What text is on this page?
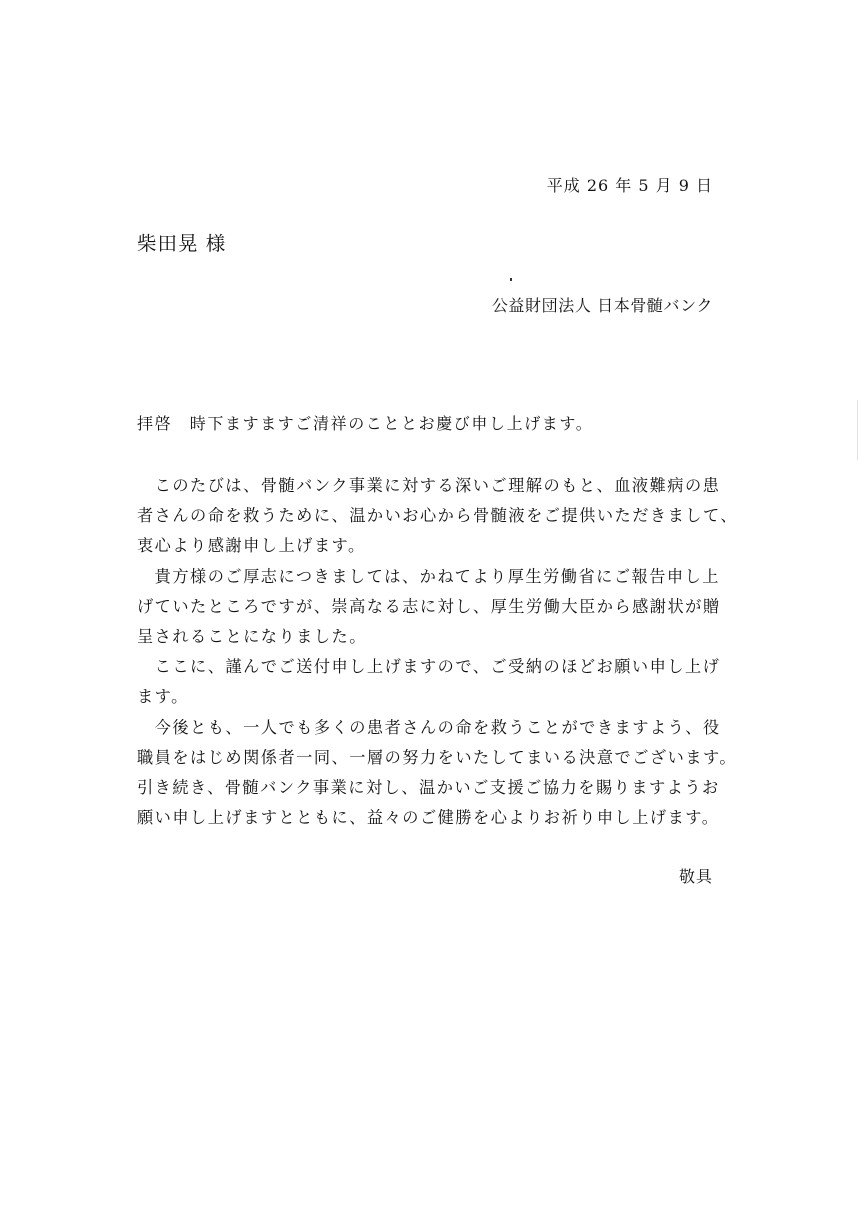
平成 26 年 5 月 9 日
柴田晃 様
公益財団法人 日本骨髄バンク
拝啓　時下ますますご清祥のこととお慶び申し上げます。

　このたびは、骨髄バンク事業に対する深いご理解のもと、血液難病の患
者さんの命を救うために、温かいお心から骨髄液をご提供いただきまして、
衷心より感謝申し上げます。

　貴方様のご厚志につきましては、かねてより厚生労働省にご報告申し上
げていたところですが、崇高なる志に対し、厚生労働大臣から感謝状が贈
呈されることになりました。

　ここに、謹んでご送付申し上げますので、ご受納のほどお願い申し上げ
ます。

　今後とも、一人でも多くの患者さんの命を救うことができますよう、役
職員をはじめ関係者一同、一層の努力をいたしてまいる決意でございます。
引き続き、骨髄バンク事業に対し、温かいご支援ご協力を賜りますようお
願い申し上げますとともに、益々のご健勝を心よりお祈り申し上げます。

敬具
